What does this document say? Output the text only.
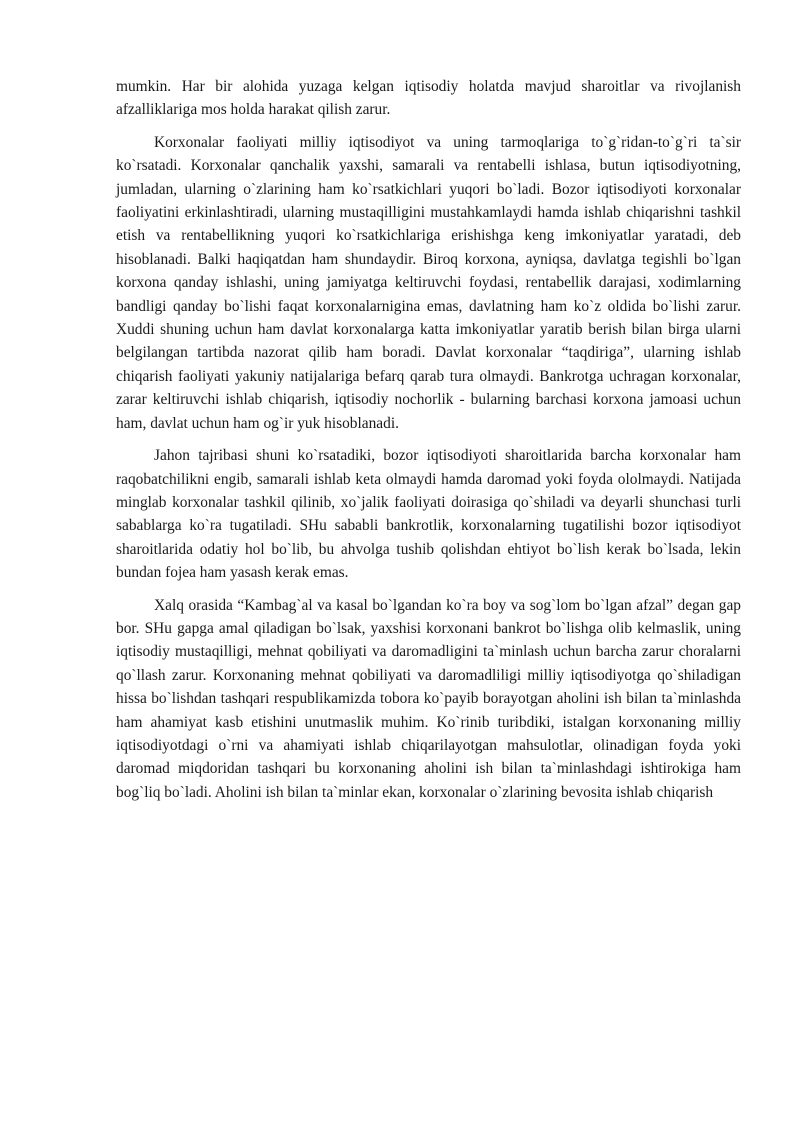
mumkin. Har bir alohida yuzaga kelgan iqtisodiy holatda mavjud sharoitlar va rivojlanish afzalliklariga mos holda harakat qilish zarur.

Korxonalar faoliyati milliy iqtisodiyot va uning tarmoqlariga to`g`ridan-to`g`ri ta`sir ko`rsatadi. Korxonalar qanchalik yaxshi, samarali va rentabelli ishlasa, butun iqtisodiyotning, jumladan, ularning o`zlarining ham ko`rsatkichlari yuqori bo`ladi. Bozor iqtisodiyoti korxonalar faoliyatini erkinlashtiradi, ularning mustaqilligini mustahkamlaydi hamda ishlab chiqarishni tashkil etish va rentabellikning yuqori ko`rsatkichlariga erishishga keng imkoniyatlar yaratadi, deb hisoblanadi. Balki haqiqatdan ham shundaydir. Biroq korxona, ayniqsa, davlatga tegishli bo`lgan korxona qanday ishlashi, uning jamiyatga keltiruvchi foydasi, rentabellik darajasi, xodimlarning bandligi qanday bo`lishi faqat korxonalarnigina emas, davlatning ham ko`z oldida bo`lishi zarur. Xuddi shuning uchun ham davlat korxonalarga katta imkoniyatlar yaratib berish bilan birga ularni belgilangan tartibda nazorat qilib ham boradi. Davlat korxonalar “taqdiriga”, ularning ishlab chiqarish faoliyati yakuniy natijalariga befarq qarab tura olmaydi. Bankrotga uchragan korxonalar, zarar keltiruvchi ishlab chiqarish, iqtisodiy nochorlik - bularning barchasi korxona jamoasi uchun ham, davlat uchun ham og`ir yuk hisoblanadi.

Jahon tajribasi shuni ko`rsatadiki, bozor iqtisodiyoti sharoitlarida barcha korxonalar ham raqobatchilikni engib, samarali ishlab keta olmaydi hamda daromad yoki foyda ololmaydi. Natijada minglab korxonalar tashkil qilinib, xo`jalik faoliyati doirasiga qo`shiladi va deyarli shunchasi turli sabablarga ko`ra tugatiladi. SHu sababli bankrotlik, korxonalarning tugatilishi bozor iqtisodiyot sharoitlarida odatiy hol bo`lib, bu ahvolga tushib qolishdan ehtiyot bo`lish kerak bo`lsada, lekin bundan fojea ham yasash kerak emas.

Xalq orasida “Kambag`al va kasal bo`lgandan ko`ra boy va sog`lom bo`lgan afzal” degan gap bor. SHu gapga amal qiladigan bo`lsak, yaxshisi korxonani bankrot bo`lishga olib kelmaslik, uning iqtisodiy mustaqilligi, mehnat qobiliyati va daromadligini ta`minlash uchun barcha zarur choralarni qo`llash zarur. Korxonaning mehnat qobiliyati va daromadliligi milliy iqtisodiyotga qo`shiladigan hissa bo`lishdan tashqari respublikamizda tobora ko`payib borayotgan aholini ish bilan ta`minlashda ham ahamiyat kasb etishini unutmaslik muhim. Ko`rinib turibdiki, istalgan korxonaning milliy iqtisodiyotdagi o`rni va ahamiyati ishlab chiqarilayotgan mahsulotlar, olinadigan foyda yoki daromad miqdoridan tashqari bu korxonaning aholini ish bilan ta`minlashdagi ishtirokiga ham bog`liq bo`ladi. Aholini ish bilan ta`minlar ekan, korxonalar o`zlarining bevosita ishlab chiqarish
